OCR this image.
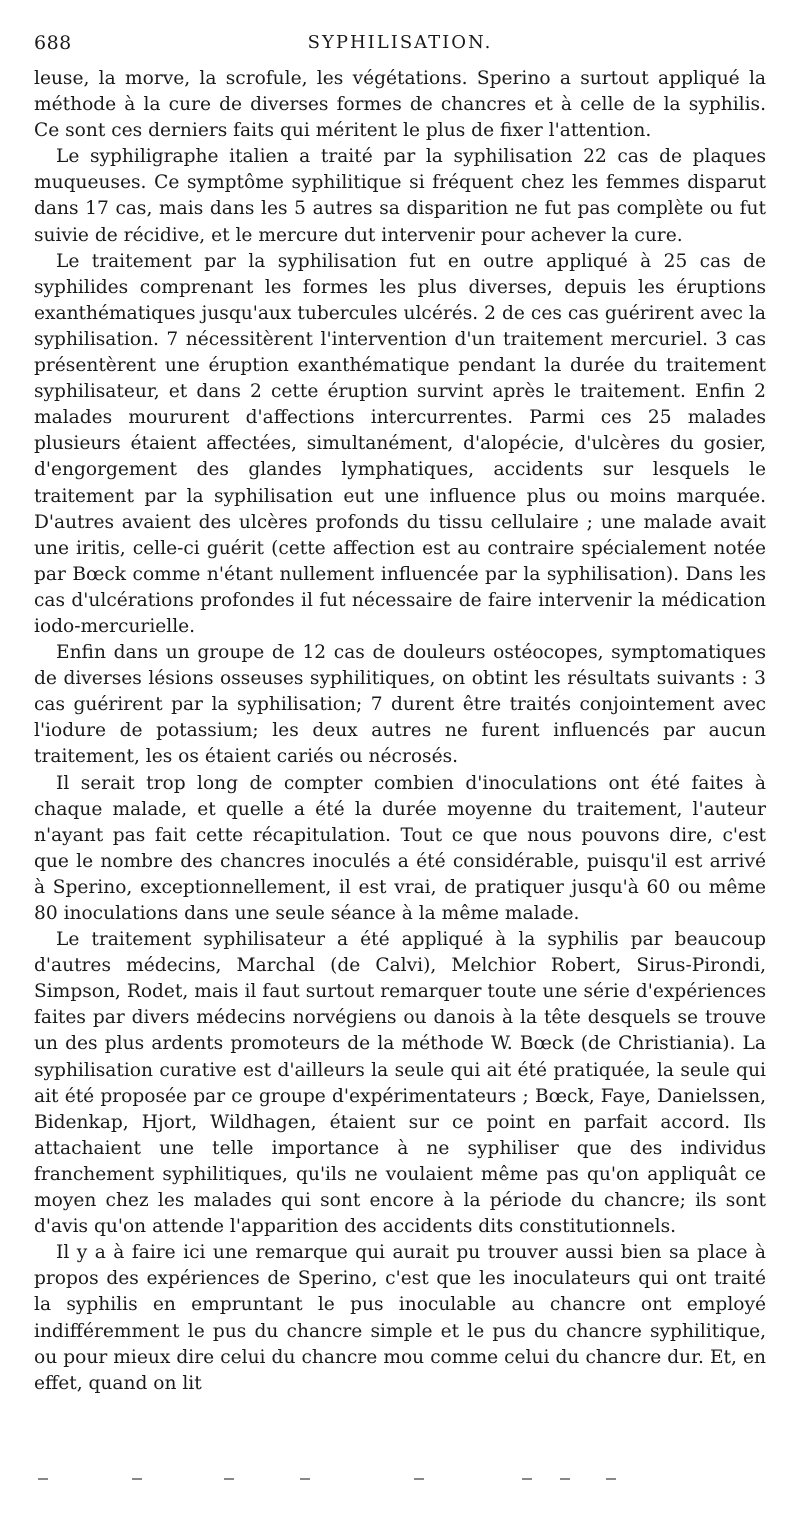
688	SYPHILISATION.

leuse, la morve, la scrofule, les végétations. Sperino a surtout appliqué la méthode à la cure de diverses formes de chancres et à celle de la syphilis. Ce sont ces derniers faits qui méritent le plus de fixer l'attention.

Le syphiligraphe italien a traité par la syphilisation 22 cas de plaques muqueuses. Ce symptôme syphilitique si fréquent chez les femmes disparut dans 17 cas, mais dans les 5 autres sa disparition ne fut pas complète ou fut suivie de récidive, et le mercure dut intervenir pour achever la cure.

Le traitement par la syphilisation fut en outre appliqué à 25 cas de syphilides comprenant les formes les plus diverses, depuis les éruptions exanthématiques jusqu'aux tubercules ulcérés. 2 de ces cas guérirent avec la syphilisation. 7 nécessitèrent l'intervention d'un traitement mercuriel. 3 cas présentèrent une éruption exanthématique pendant la durée du traitement syphilisateur, et dans 2 cette éruption survint après le traitement. Enfin 2 malades moururent d'affections intercurrentes. Parmi ces 25 malades plusieurs étaient affectées, simultanément, d'alopécie, d'ulcères du gosier, d'engorgement des glandes lymphatiques, accidents sur lesquels le traitement par la syphilisation eut une influence plus ou moins marquée. D'autres avaient des ulcères profonds du tissu cellulaire ; une malade avait une iritis, celle-ci guérit (cette affection est au contraire spécialement notée par Bœck comme n'étant nullement influencée par la syphilisation). Dans les cas d'ulcérations profondes il fut nécessaire de faire intervenir la médication iodo-mercurielle.

Enfin dans un groupe de 12 cas de douleurs ostéocopes, symptomatiques de diverses lésions osseuses syphilitiques, on obtint les résultats suivants : 3 cas guérirent par la syphilisation; 7 durent être traités conjointement avec l'iodure de potassium; les deux autres ne furent influencés par aucun traitement, les os étaient cariés ou nécrosés.

Il serait trop long de compter combien d'inoculations ont été faites à chaque malade, et quelle a été la durée moyenne du traitement, l'auteur n'ayant pas fait cette récapitulation. Tout ce que nous pouvons dire, c'est que le nombre des chancres inoculés a été considérable, puisqu'il est arrivé à Sperino, exceptionnellement, il est vrai, de pratiquer jusqu'à 60 ou même 80 inoculations dans une seule séance à la même malade.

Le traitement syphilisateur a été appliqué à la syphilis par beaucoup d'autres médecins, Marchal (de Calvi), Melchior Robert, Sirus-Pirondi, Simpson, Rodet, mais il faut surtout remarquer toute une série d'expériences faites par divers médecins norvégiens ou danois à la tête desquels se trouve un des plus ardents promoteurs de la méthode W. Bœck (de Christiania). La syphilisation curative est d'ailleurs la seule qui ait été pratiquée, la seule qui ait été proposée par ce groupe d'expérimentateurs ; Bœck, Faye, Danielssen, Bidenkap, Hjort, Wildhagen, étaient sur ce point en parfait accord. Ils attachaient une telle importance à ne syphiliser que des individus franchement syphilitiques, qu'ils ne voulaient même pas qu'on appliquât ce moyen chez les malades qui sont encore à la période du chancre; ils sont d'avis qu'on attende l'apparition des accidents dits constitutionnels.

Il y a à faire ici une remarque qui aurait pu trouver aussi bien sa place à propos des expériences de Sperino, c'est que les inoculateurs qui ont traité la syphilis en empruntant le pus inoculable au chancre ont employé indifféremment le pus du chancre simple et le pus du chancre syphilitique, ou pour mieux dire celui du chancre mou comme celui du chancre dur. Et, en effet, quand on lit
